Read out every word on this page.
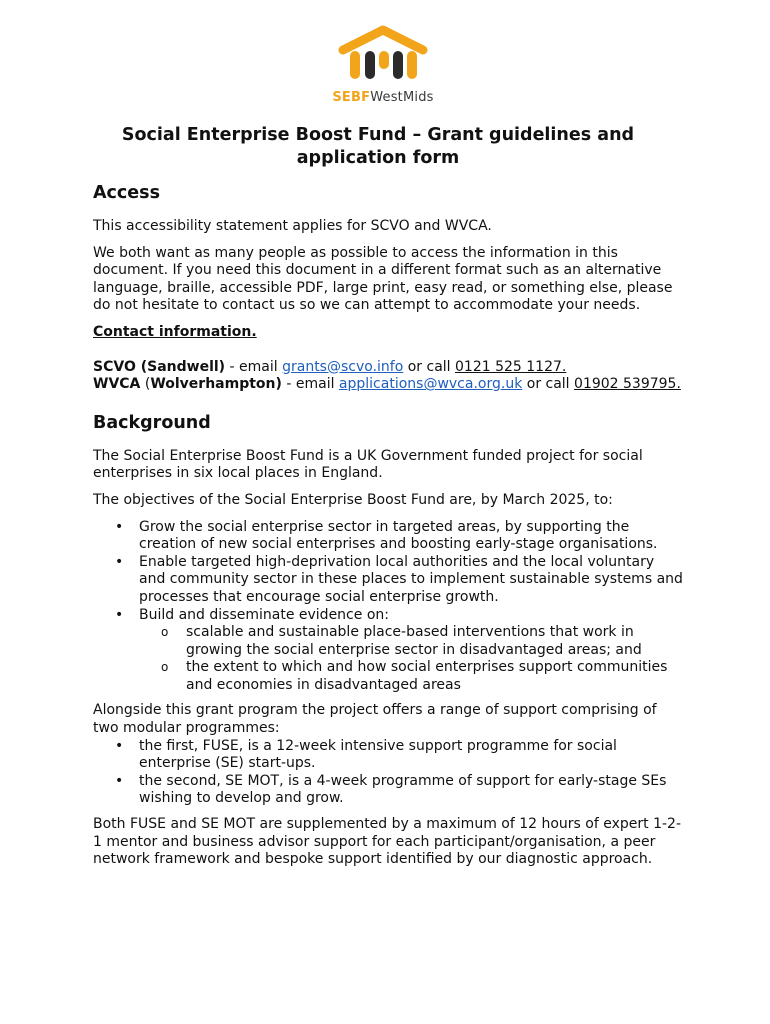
SEBFWestMids
Social Enterprise Boost Fund – Grant guidelines and application form
Access

This accessibility statement applies for SCVO and WVCA.

We both want as many people as possible to access the information in this document. If you need this document in a different format such as an alternative language, braille, accessible PDF, large print, easy read, or something else, please do not hesitate to contact us so we can attempt to accommodate your needs.

Contact information.

SCVO (Sandwell) - email grants@scvo.info or call 0121 525 1127.
WVCA (Wolverhampton) - email applications@wvca.org.uk or call 01902 539795.

Background

The Social Enterprise Boost Fund is a UK Government funded project for social enterprises in six local places in England.

The objectives of the Social Enterprise Boost Fund are, by March 2025, to:

• Grow the social enterprise sector in targeted areas, by supporting the creation of new social enterprises and boosting early-stage organisations.
• Enable targeted high-deprivation local authorities and the local voluntary and community sector in these places to implement sustainable systems and processes that encourage social enterprise growth.
• Build and disseminate evidence on:
o scalable and sustainable place-based interventions that work in growing the social enterprise sector in disadvantaged areas; and
o the extent to which and how social enterprises support communities and economies in disadvantaged areas

Alongside this grant program the project offers a range of support comprising of two modular programmes:

• the first, FUSE, is a 12-week intensive support programme for social enterprise (SE) start-ups.
• the second, SE MOT, is a 4-week programme of support for early-stage SEs wishing to develop and grow.

Both FUSE and SE MOT are supplemented by a maximum of 12 hours of expert 1-2-1 mentor and business advisor support for each participant/organisation, a peer network framework and bespoke support identified by our diagnostic approach.
